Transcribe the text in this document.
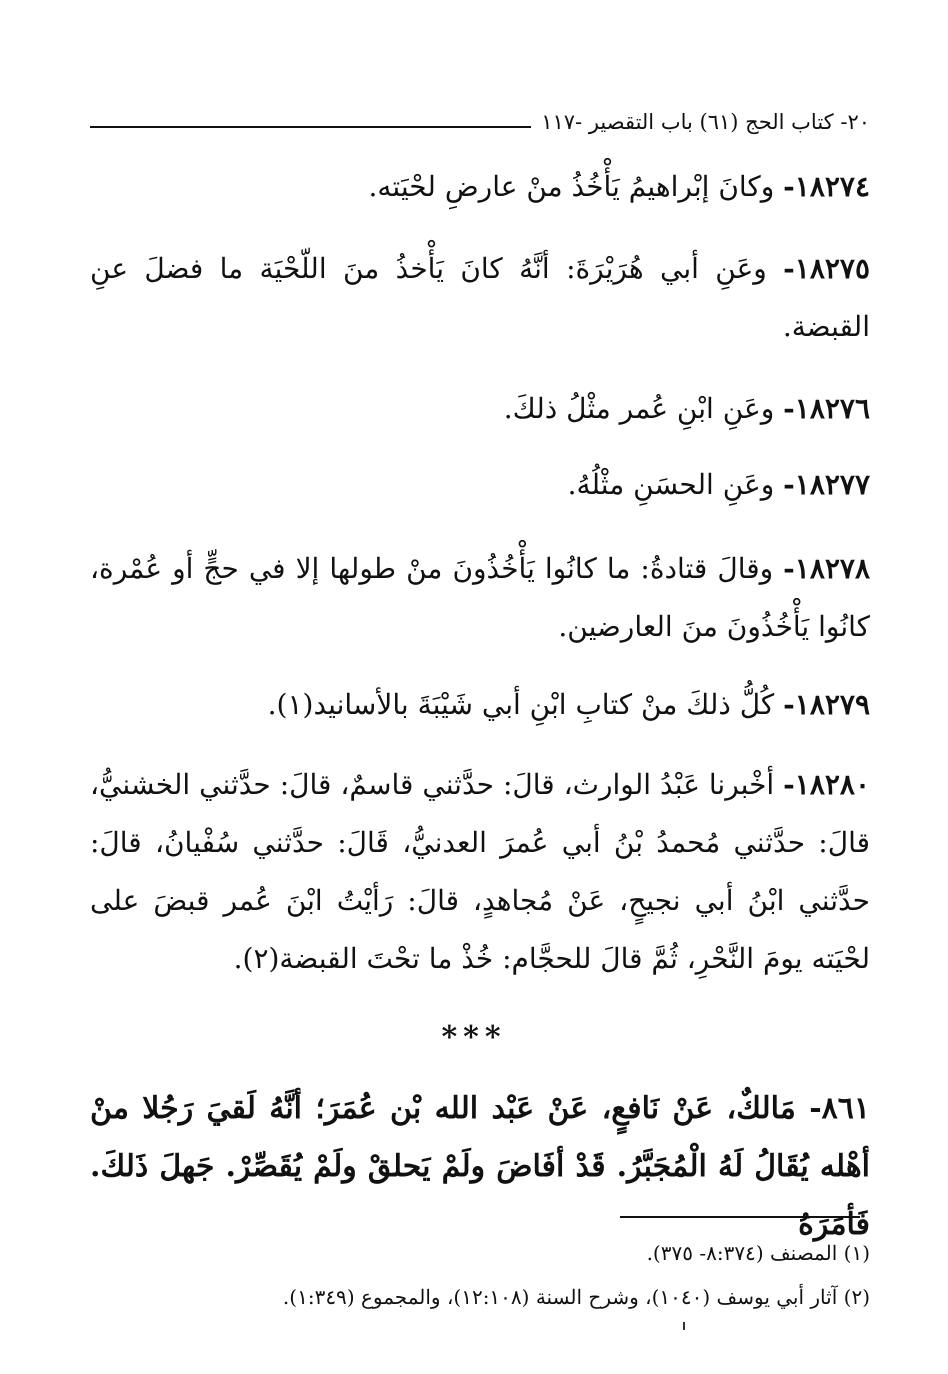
٢٠- كتاب الحج (٦١) باب التقصير -١١٧
١٨٢٧٤- وكانَ إبْراهيمُ يَأْخُذُ منْ عارضِ لحْيَته.
١٨٢٧٥- وعَنِ أبي هُرَيْرَةَ: أنَّهُ كانَ يَأْخذُ منَ اللّحْيَة ما فضلَ عنِ القبضة.
١٨٢٧٦- وعَنِ ابْنِ عُمر مثْلُ ذلكَ.
١٨٢٧٧- وعَنِ الحسَنِ مثْلُهُ.
١٨٢٧٨- وقالَ قتادةُ: ما كانُوا يَأْخُذُونَ منْ طولها إلا في حجٍّ أو عُمْرة، كانُوا يَأْخُذُونَ منَ العارضين.
١٨٢٧٩- كُلُّ ذلكَ منْ كتابِ ابْنِ أبي شَيْبَةَ بالأسانيد(١).
١٨٢٨٠- أخْبرنا عَبْدُ الوارث، قالَ: حدَّثني قاسمٌ، قالَ: حدَّثني الخشنيُّ، قالَ: حدَّثني مُحمدُ بْنُ أبي عُمرَ العدنيُّ، قَالَ: حدَّثني سُفْيانُ، قالَ: حدَّثني ابْنُ أبي نجيحٍ، عَنْ مُجاهدٍ، قالَ: رَأيْتُ ابْنَ عُمر قبضَ على لحْيَته يومَ النَّحْرِ، ثُمَّ قالَ للحجَّام: خُذْ ما تحْتَ القبضة(٢).
***
٨٦١- مَالكٌ، عَنْ نَافعٍ، عَنْ عَبْد الله بْن عُمَرَ؛ أنَّهُ لَقيَ رَجُلا منْ أهْله يُقَالُ لَهُ الْمُجَبَّرُ. قَدْ أفَاضَ ولَمْ يَحلقْ ولَمْ يُقَصِّرْ. جَهلَ ذَلكَ. فَأمَرَهُ
(١) المصنف (٨:٣٧٤- ٣٧٥).
(٢) آثار أبي يوسف (١٠٤٠)، وشرح السنة (١٢:١٠٨)، والمجموع (١:٣٤٩).
